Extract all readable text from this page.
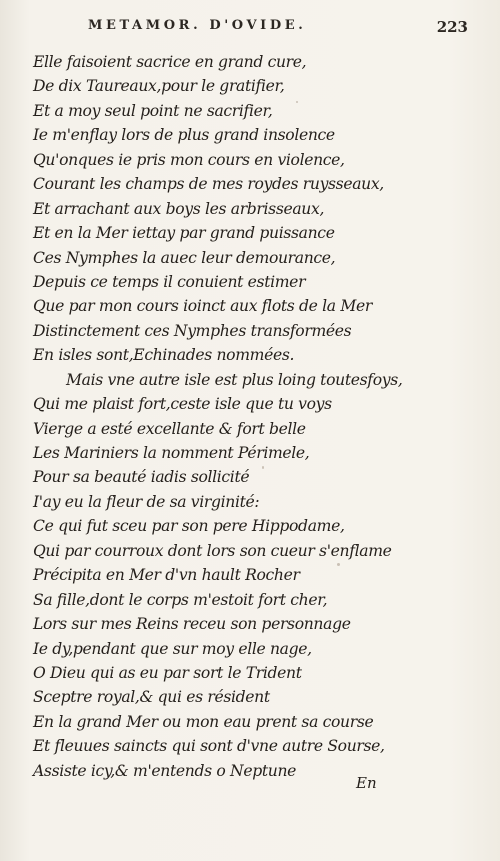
METAMOR. D'OVIDE.	223
Elle faisoient sacrice en grand cure,
De dix Taureaux,pour le gratifier,
Et a moy seul point ne sacrifier,
Ie m'enflay lors de plus grand insolence
Qu'onques ie pris mon cours en violence,
Courant les champs de mes roydes ruysseaux,
Et arrachant aux boys les arbrisseaux,
Et en la Mer iettay par grand puissance
Ces Nymphes la auec leur demourance,
Depuis ce temps il conuient estimer
Que par mon cours ioinct aux flots de la Mer
Distinctement ces Nymphes transformées
En isles sont,Echinades nommées.
Mais vne autre isle est plus loing toutesfoys,
Qui me plaist fort,ceste isle que tu voys
Vierge a esté excellante & fort belle
Les Mariniers la nomment Périmele,
Pour sa beauté iadis sollicité
I'ay eu la fleur de sa virginité:
Ce qui fut sceu par son pere Hippodame,
Qui par courroux dont lors son cueur s'enflame
Précipita en Mer d'vn hault Rocher
Sa fille,dont le corps m'estoit fort cher,
Lors sur mes Reins receu son personnage
Ie dy,pendant que sur moy elle nage,
O Dieu qui as eu par sort le Trident
Sceptre royal,& qui es résident
En la grand Mer ou mon eau prent sa course
Et fleuues saincts qui sont d'vne autre Sourse,
Assiste icy,& m'entends o Neptune
En
